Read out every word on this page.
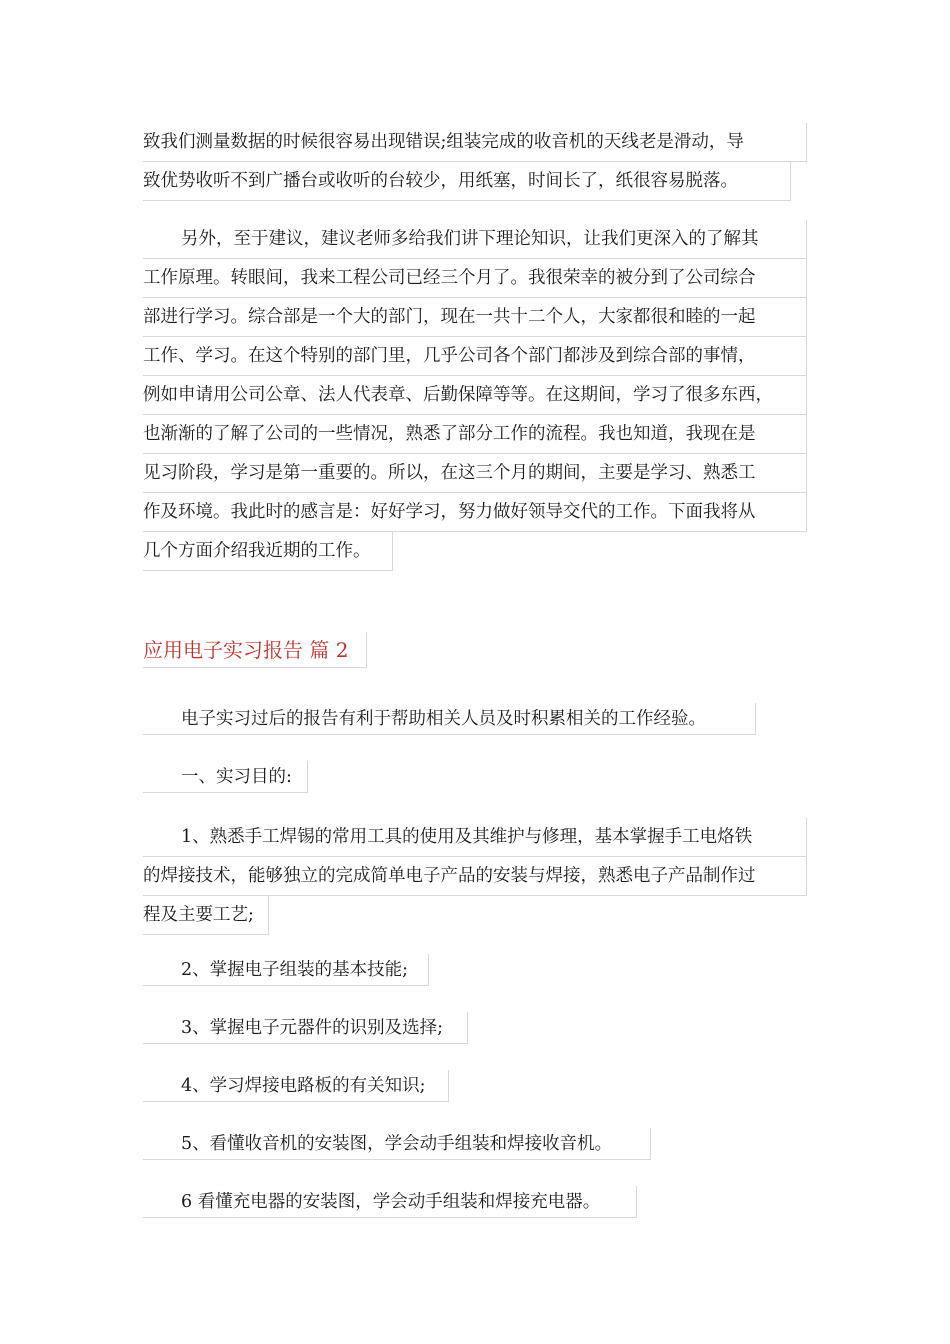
致我们测量数据的时候很容易出现错误;组装完成的收音机的天线老是滑动，导
致优势收听不到广播台或收听的台较少，用纸塞，时间长了，纸很容易脱落。
另外，至于建议，建议老师多给我们讲下理论知识，让我们更深入的了解其
工作原理。转眼间，我来工程公司已经三个月了。我很荣幸的被分到了公司综合
部进行学习。综合部是一个大的部门，现在一共十二个人，大家都很和睦的一起
工作、学习。在这个特别的部门里，几乎公司各个部门都涉及到综合部的事情，
例如申请用公司公章、法人代表章、后勤保障等等。在这期间，学习了很多东西，
也渐渐的了解了公司的一些情况，熟悉了部分工作的流程。我也知道，我现在是
见习阶段，学习是第一重要的。所以，在这三个月的期间，主要是学习、熟悉工
作及环境。我此时的感言是：好好学习，努力做好领导交代的工作。下面我将从
几个方面介绍我近期的工作。
应用电子实习报告 篇 2
电子实习过后的报告有利于帮助相关人员及时积累相关的工作经验。
一、实习目的:
1、熟悉手工焊锡的常用工具的使用及其维护与修理，基本掌握手工电烙铁
的焊接技术，能够独立的完成简单电子产品的安装与焊接，熟悉电子产品制作过
程及主要工艺;
2、掌握电子组装的基本技能;
3、掌握电子元器件的识别及选择;
4、学习焊接电路板的有关知识;
5、看懂收音机的安装图，学会动手组装和焊接收音机。
6 看懂充电器的安装图，学会动手组装和焊接充电器。
